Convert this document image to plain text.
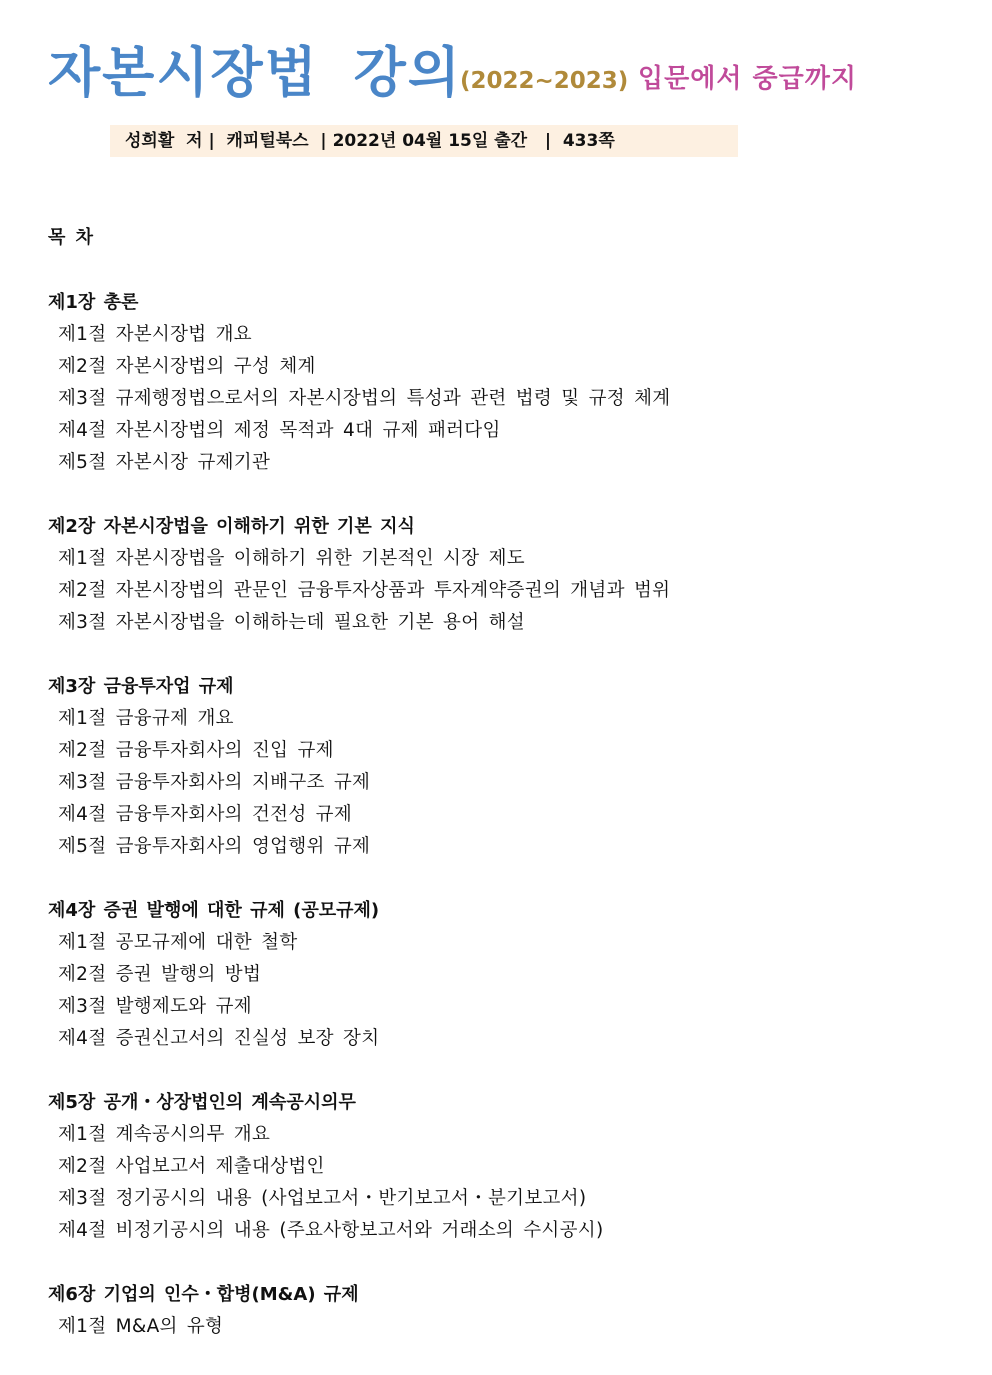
자본시장법 강의
(2022~2023) 입문에서 중급까지
성희활  저 |  캐피털북스  | 2022년 04월 15일 출간   |  433쪽
목 차
제1장 총론
제1절 자본시장법 개요
제2절 자본시장법의 구성 체계
제3절 규제행정법으로서의 자본시장법의 특성과 관련 법령 및 규정 체계
제4절 자본시장법의 제정 목적과 4대 규제 패러다임
제5절 자본시장 규제기관
제2장 자본시장법을 이해하기 위한 기본 지식
제1절 자본시장법을 이해하기 위한 기본적인 시장 제도
제2절 자본시장법의 관문인 금융투자상품과 투자계약증권의 개념과 범위
제3절 자본시장법을 이해하는데 필요한 기본 용어 해설
제3장 금융투자업 규제
제1절 금융규제 개요
제2절 금융투자회사의 진입 규제
제3절 금융투자회사의 지배구조 규제
제4절 금융투자회사의 건전성 규제
제5절 금융투자회사의 영업행위 규제
제4장 증권 발행에 대한 규제 (공모규제)
제1절 공모규제에 대한 철학
제2절 증권 발행의 방법
제3절 발행제도와 규제
제4절 증권신고서의 진실성 보장 장치
제5장 공개・상장법인의 계속공시의무
제1절 계속공시의무 개요
제2절 사업보고서 제출대상법인
제3절 정기공시의 내용 (사업보고서・반기보고서・분기보고서)
제4절 비정기공시의 내용 (주요사항보고서와 거래소의 수시공시)
제6장 기업의 인수・합병(M&A) 규제
제1절 M&A의 유형
